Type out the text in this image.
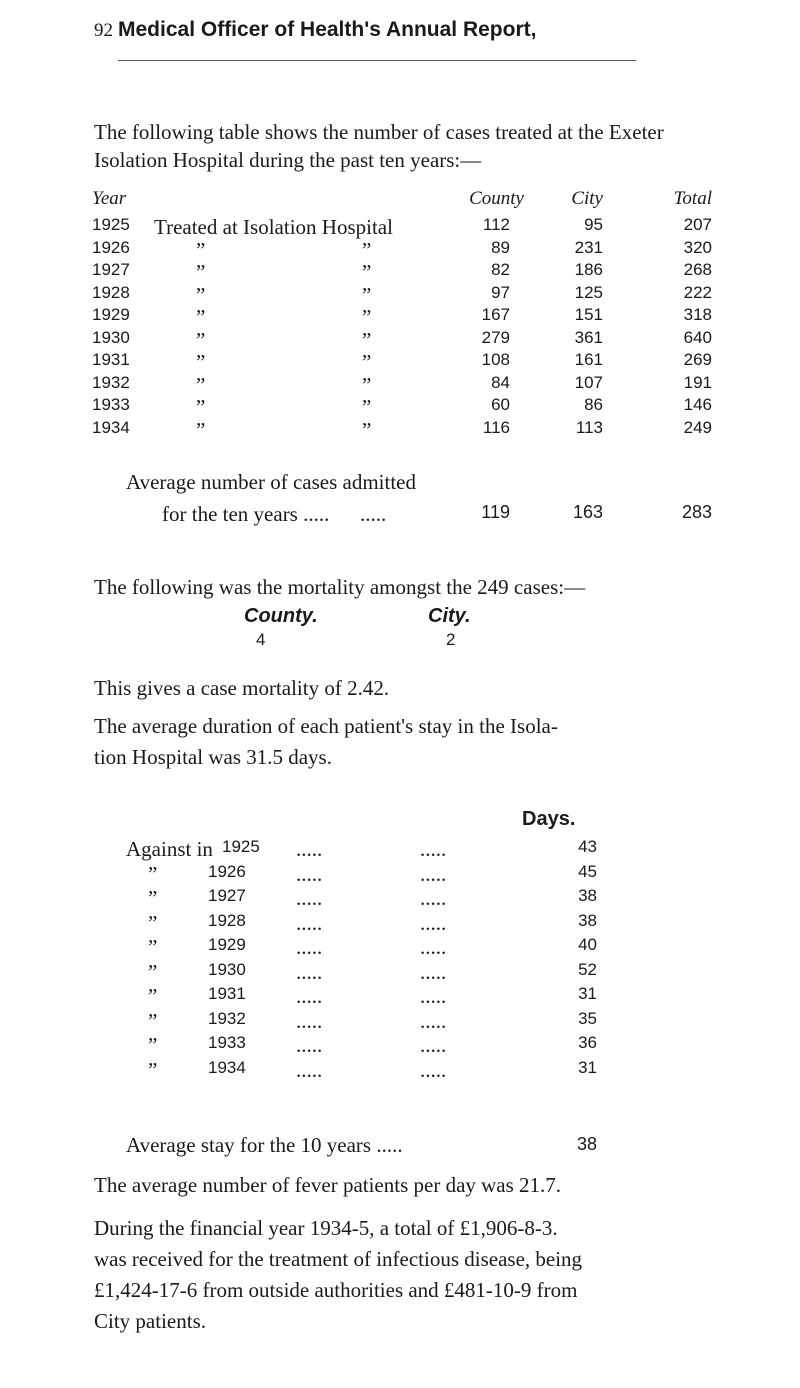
92 Medical Officer of Health's Annual Report,
The following table shows the number of cases treated at the Exeter Isolation Hospital during the past ten years:—
Year	County	City	Total
1925	Treated at Isolation Hospital	112	95	207
1926	”	”	89	231	320
1927	”	”	82	186	268
1928	”	”	97	125	222
1929	”	”	167	151	318
1930	”	”	279	361	640
1931	”	”	108	161	269
1932	”	”	84	107	191
1933	”	”	60	86	146
1934	”	”	116	113	249
Average number of cases admitted
for the ten years ..... .....	119	163	283
The following was the mortality amongst the 249 cases:—
County.	City.
4	2
This gives a case mortality of 2.42.
The average duration of each patient's stay in the Isola-
tion Hospital was 31.5 days.
Days.
Against in 1925	.....	.....	43
”	1926	.....	.....	45
”	1927	.....	.....	38
”	1928	.....	.....	38
”	1929	.....	.....	40
”	1930	.....	.....	52
”	1931	.....	.....	31
”	1932	.....	.....	35
”	1933	.....	.....	36
”	1934	.....	.....	31
Average stay for the 10 years .....	38
The average number of fever patients per day was 21.7.
During the financial year 1934-5, a total of £1,906-8-3.
was received for the treatment of infectious disease, being
£1,424-17-6 from outside authorities and £481-10-9 from
City patients.
